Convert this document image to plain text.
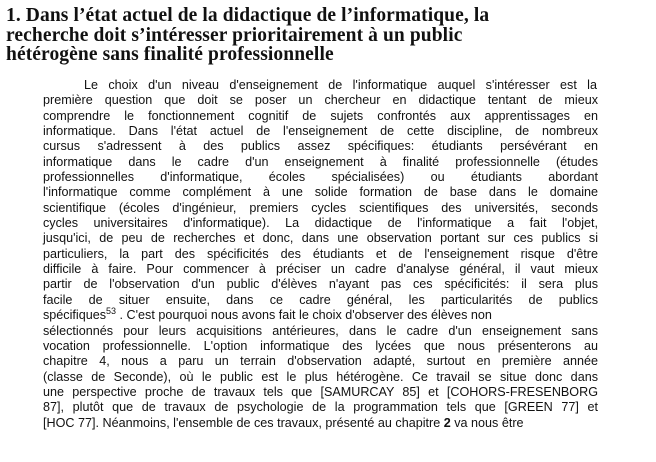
1. Dans l’état actuel de la didactique de l’informatique, la
recherche doit s’intéresser prioritairement à un public
hétérogène sans finalité professionnelle
Le choix d'un niveau d'enseignement de l'informatique auquel s'intéresser est la
première question que doit se poser un chercheur en didactique tentant de mieux
comprendre le fonctionnement cognitif de sujets confrontés aux apprentissages en
informatique. Dans l'état actuel de l'enseignement de cette discipline, de nombreux
cursus s'adressent à des publics assez spécifiques: étudiants persévérant en
informatique dans le cadre d'un enseignement à finalité professionnelle (études
professionnelles d'informatique, écoles spécialisées) ou étudiants abordant
l'informatique comme complément à une solide formation de base dans le domaine
scientifique (écoles d'ingénieur, premiers cycles scientifiques des universités, seconds
cycles universitaires d'informatique). La didactique de l'informatique a fait l'objet,
jusqu'ici, de peu de recherches et donc, dans une observation portant sur ces publics si
particuliers, la part des spécificités des étudiants et de l'enseignement risque d'être
difficile à faire. Pour commencer à préciser un cadre d'analyse général, il vaut mieux
partir de l'observation d'un public d'élèves n'ayant pas ces spécificités: il sera plus
facile de situer ensuite, dans ce cadre général, les particularités de publics
spécifiques$^{53}$ . C'est pourquoi nous avons fait le choix d'observer des élèves non
sélectionnés pour leurs acquisitions antérieures, dans le cadre d'un enseignement sans
vocation professionnelle. L'option informatique des lycées que nous présenterons au
chapitre 4, nous a paru un terrain d'observation adapté, surtout en première année
(classe de Seconde), où le public est le plus hétérogène. Ce travail se situe donc dans
une perspective proche de travaux tels que [SAMURCAY 85] et [COHORS-FRESENBORG
87], plutôt que de travaux de psychologie de la programmation tels que [GREEN 77] et
[HOC 77]. Néanmoins, l'ensemble de ces travaux, présenté au chapitre 2 va nous être
